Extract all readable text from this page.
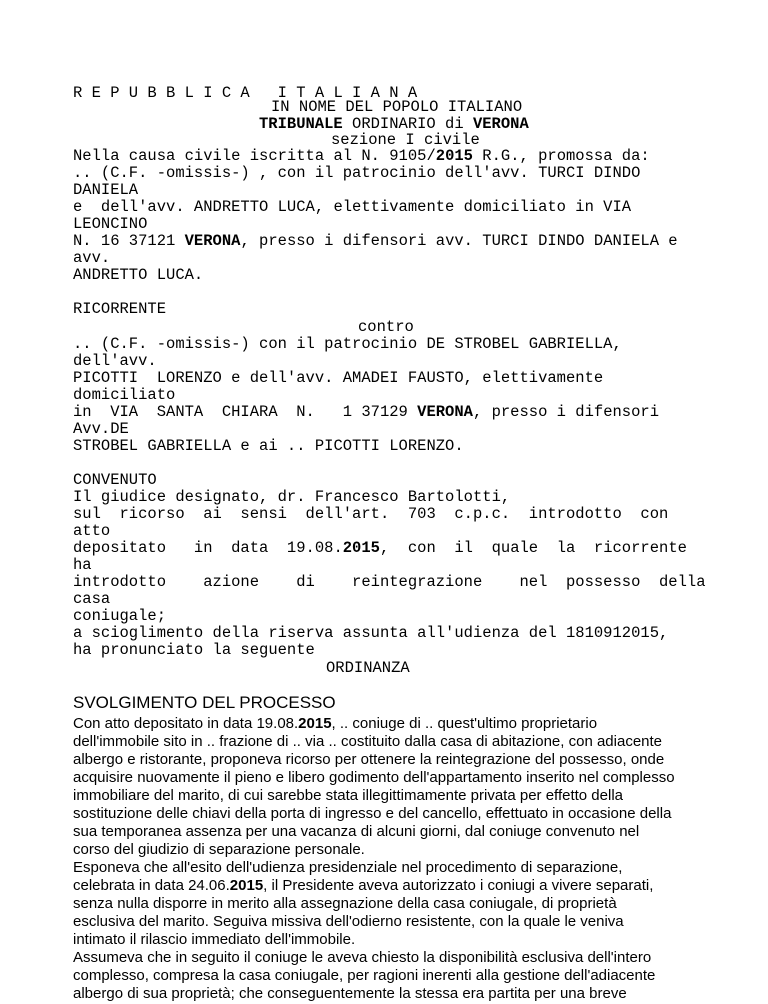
R E P U B B L I C A   I T A L I A N A
IN NOME DEL POPOLO ITALIANO
TRIBUNALE ORDINARIO di VERONA
sezione I civile
Nella causa civile iscritta al N. 9105/2015 R.G., promossa da:
.. (C.F. -omissis-) , con il patrocinio dell'avv. TURCI DINDO
DANIELA
e  dell'avv. ANDRETTO LUCA, elettivamente domiciliato in VIA
LEONCINO
N. 16 37121 VERONA, presso i difensori avv. TURCI DINDO DANIELA e
avv.
ANDRETTO LUCA.
RICORRENTE
contro
.. (C.F. -omissis-) con il patrocinio DE STROBEL GABRIELLA,
dell'avv.
PICOTTI  LORENZO e dell'avv. AMADEI FAUSTO, elettivamente
domiciliato
in  VIA  SANTA  CHIARA  N.   1 37129 VERONA, presso i difensori
Avv.DE
STROBEL GABRIELLA e ai .. PICOTTI LORENZO.
CONVENUTO
Il giudice designato, dr. Francesco Bartolotti,
sul  ricorso  ai  sensi  dell'art.  703  c.p.c.  introdotto  con
atto
depositato   in  data  19.08.2015,  con  il  quale  la  ricorrente
ha
introdotto    azione    di    reintegrazione    nel  possesso  della
casa
coniugale;
a scioglimento della riserva assunta all'udienza del 1810912015,
ha pronunciato la seguente
ORDINANZA
SVOLGIMENTO DEL PROCESSO
Con atto depositato in data 19.08.2015, .. coniuge di .. quest'ultimo proprietario
dell'immobile sito in .. frazione di .. via .. costituito dalla casa di abitazione, con adiacente
albergo e ristorante, proponeva ricorso per ottenere la reintegrazione del possesso, onde
acquisire nuovamente il pieno e libero godimento dell'appartamento inserito nel complesso
immobiliare del marito, di cui sarebbe stata illegittimamente privata per effetto della
sostituzione delle chiavi della porta di ingresso e del cancello, effettuato in occasione della
sua temporanea assenza per una vacanza di alcuni giorni, dal coniuge convenuto nel
corso del giudizio di separazione personale.
Esponeva che all'esito dell'udienza presidenziale nel procedimento di separazione,
celebrata in data 24.06.2015, il Presidente aveva autorizzato i coniugi a vivere separati,
senza nulla disporre in merito alla assegnazione della casa coniugale, di proprietà
esclusiva del marito. Seguiva missiva dell'odierno resistente, con la quale le veniva
intimato il rilascio immediato dell'immobile.
Assumeva che in seguito il coniuge le aveva chiesto la disponibilità esclusiva dell'intero
complesso, compresa la casa coniugale, per ragioni inerenti alla gestione dell'adiacente
albergo di sua proprietà; che conseguentemente la stessa era partita per una breve
